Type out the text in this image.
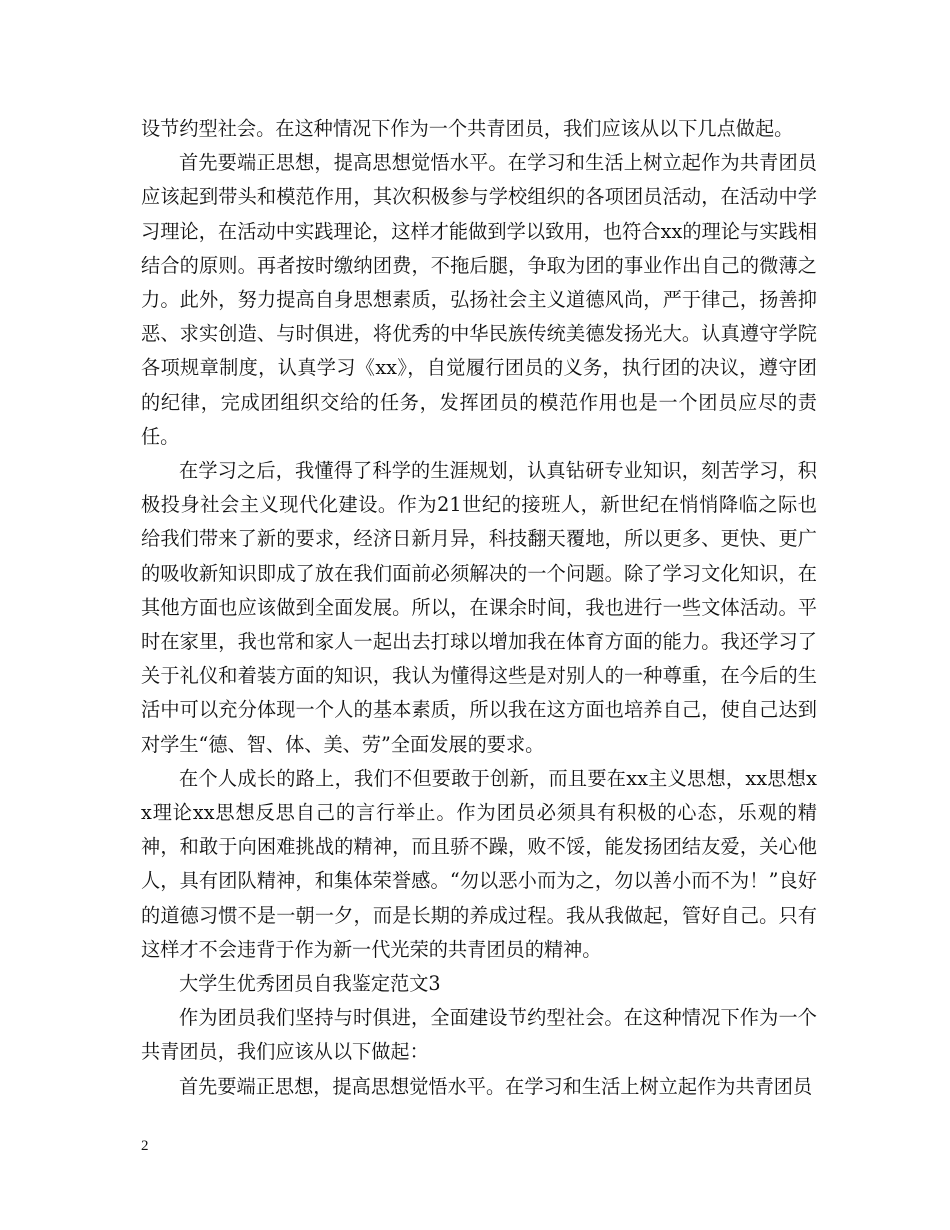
设节约型社会。在这种情况下作为一个共青团员，我们应该从以下几点做起。

首先要端正思想，提高思想觉悟水平。在学习和生活上树立起作为共青团员应该起到带头和模范作用，其次积极参与学校组织的各项团员活动，在活动中学习理论，在活动中实践理论，这样才能做到学以致用，也符合xx的理论与实践相结合的原则。再者按时缴纳团费，不拖后腿，争取为团的事业作出自己的微薄之力。此外，努力提高自身思想素质，弘扬社会主义道德风尚，严于律己，扬善抑恶、求实创造、与时俱进，将优秀的中华民族传统美德发扬光大。认真遵守学院各项规章制度，认真学习《xx》，自觉履行团员的义务，执行团的决议，遵守团的纪律，完成团组织交给的任务，发挥团员的模范作用也是一个团员应尽的责任。

在学习之后，我懂得了科学的生涯规划，认真钻研专业知识，刻苦学习，积极投身社会主义现代化建设。作为21世纪的接班人，新世纪在悄悄降临之际也给我们带来了新的要求，经济日新月异，科技翻天覆地，所以更多、更快、更广的吸收新知识即成了放在我们面前必须解决的一个问题。除了学习文化知识，在其他方面也应该做到全面发展。所以，在课余时间，我也进行一些文体活动。平时在家里，我也常和家人一起出去打球以增加我在体育方面的能力。我还学习了关于礼仪和着装方面的知识，我认为懂得这些是对别人的一种尊重，在今后的生活中可以充分体现一个人的基本素质，所以我在这方面也培养自己，使自己达到对学生“德、智、体、美、劳”全面发展的要求。

在个人成长的路上，我们不但要敢于创新，而且要在xx主义思想，xx思想xx理论xx思想反思自己的言行举止。作为团员必须具有积极的心态，乐观的精神，和敢于向困难挑战的精神，而且骄不躁，败不馁，能发扬团结友爱，关心他人，具有团队精神，和集体荣誉感。“勿以恶小而为之，勿以善小而不为！”良好的道德习惯不是一朝一夕，而是长期的养成过程。我从我做起，管好自己。只有这样才不会违背于作为新一代光荣的共青团员的精神。

大学生优秀团员自我鉴定范文3

作为团员我们坚持与时俱进，全面建设节约型社会。在这种情况下作为一个共青团员，我们应该从以下做起：

首先要端正思想，提高思想觉悟水平。在学习和生活上树立起作为共青团员

2
